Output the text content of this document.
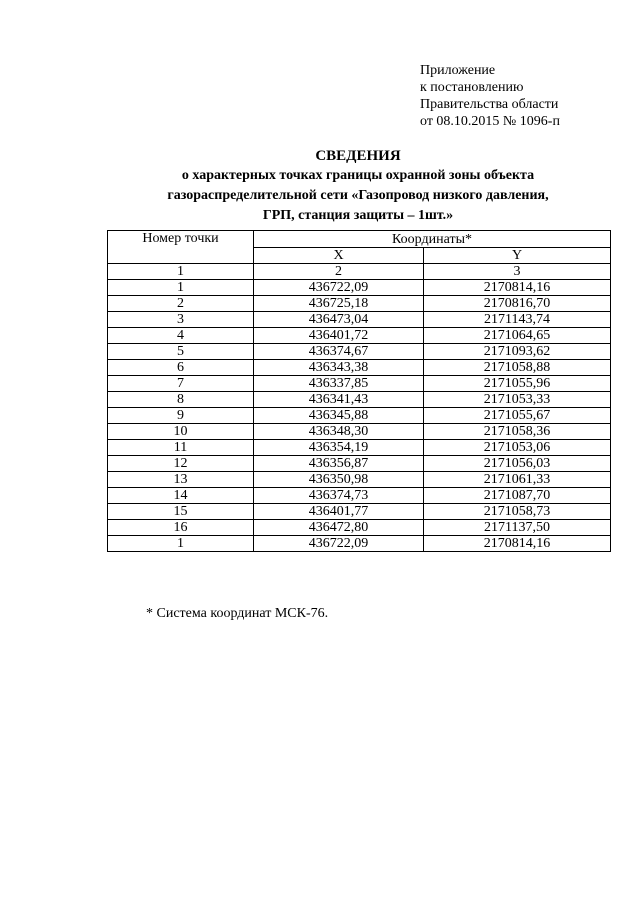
Приложение
к постановлению
Правительства области
от 08.10.2015 № 1096-п
СВЕДЕНИЯ
о характерных точках границы охранной зоны объекта
газораспределительной сети «Газопровод низкого давления,
ГРП, станция защиты – 1шт.»
Номер точки	Координаты*	
	X	Y
1	2	3
1	436722,09	2170814,16
2	436725,18	2170816,70
3	436473,04	2171143,74
4	436401,72	2171064,65
5	436374,67	2171093,62
6	436343,38	2171058,88
7	436337,85	2171055,96
8	436341,43	2171053,33
9	436345,88	2171055,67
10	436348,30	2171058,36
11	436354,19	2171053,06
12	436356,87	2171056,03
13	436350,98	2171061,33
14	436374,73	2171087,70
15	436401,77	2171058,73
16	436472,80	2171137,50
1	436722,09	2170814,16
* Система координат МСК-76.
